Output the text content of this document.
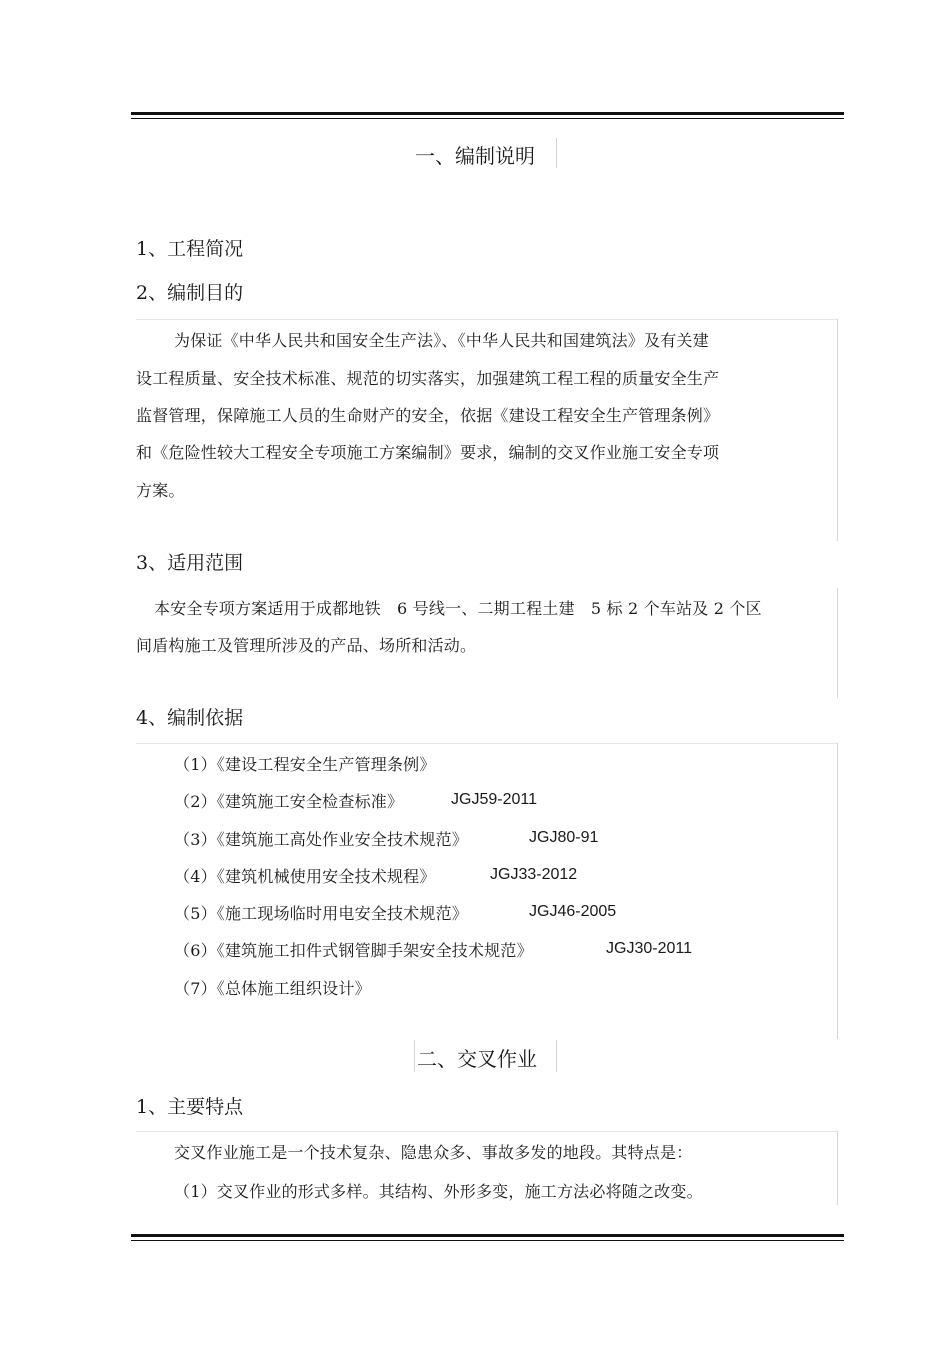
一、编制说明
1、工程简况
2、编制目的
为保证《中华人民共和国安全生产法》、《中华人民共和国建筑法》及有关建
设工程质量、安全技术标准、规范的切实落实，加强建筑工程工程的质量安全生产
监督管理，保障施工人员的生命财产的安全，依据《建设工程安全生产管理条例》
和《危险性较大工程安全专项施工方案编制》要求，编制的交叉作业施工安全专项
方案。
3、适用范围
本安全专项方案适用于成都地铁　6 号线一、二期工程土建　5 标 2 个车站及 2 个区
间盾构施工及管理所涉及的产品、场所和活动。
4、编制依据
（1）《建设工程安全生产管理条例》
（2）《建筑施工安全检查标准》	JGJ59-2011
（3）《建筑施工高处作业安全技术规范》	JGJ80-91
（4）《建筑机械使用安全技术规程》	JGJ33-2012
（5）《施工现场临时用电安全技术规范》	JGJ46-2005
（6）《建筑施工扣件式钢管脚手架安全技术规范》	JGJ30-2011
（7）《总体施工组织设计》
二、交叉作业
1、主要特点
交叉作业施工是一个技术复杂、隐患众多、事故多发的地段。其特点是：
（1）交叉作业的形式多样。其结构、外形多变，施工方法必将随之改变。
